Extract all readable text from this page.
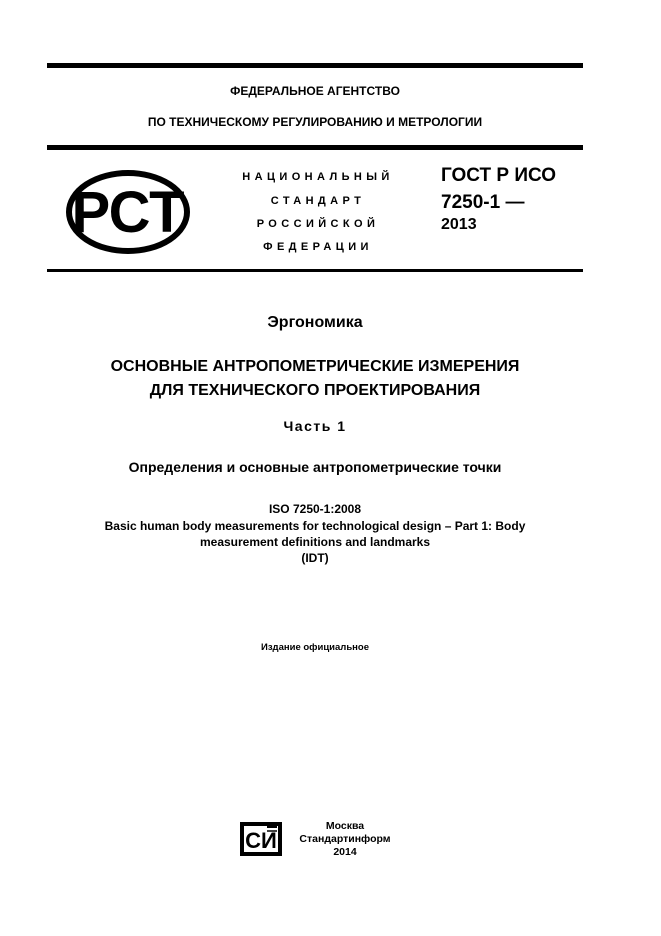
ФЕДЕРАЛЬНОЕ АГЕНТСТВО
ПО ТЕХНИЧЕСКОМУ РЕГУЛИРОВАНИЮ И МЕТРОЛОГИИ
РСТ
НАЦИОНАЛЬНЫЙ
СТАНДАРТ
РОССИЙСКОЙ
ФЕДЕРАЦИИ
ГОСТ Р ИСО
7250-1 —
2013
Эргономика
ОСНОВНЫЕ АНТРОПОМЕТРИЧЕСКИЕ ИЗМЕРЕНИЯ
ДЛЯ ТЕХНИЧЕСКОГО ПРОЕКТИРОВАНИЯ
Часть 1
Определения и основные антропометрические точки
ISO 7250-1:2008
Basic human body measurements for technological design – Part 1: Body
measurement definitions and landmarks
(IDT)
Издание официальное
СИ
Москва
Стандартинформ
2014
